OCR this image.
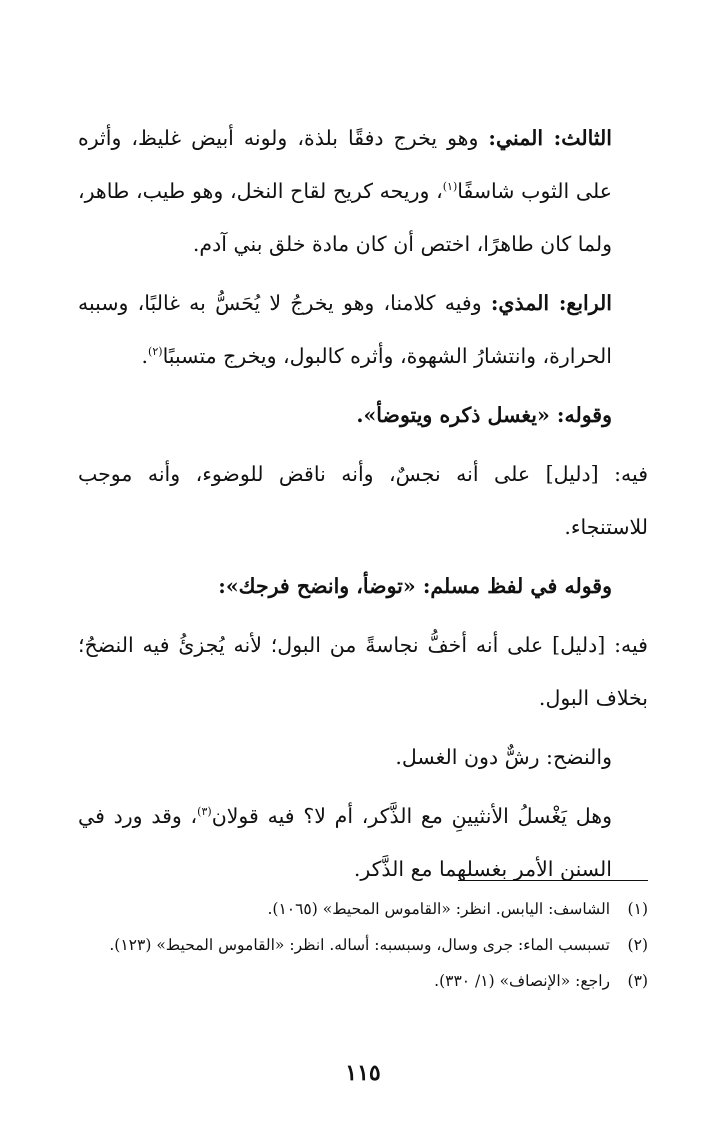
الثالث: المني: وهو يخرج دفقًا بلذة، ولونه أبيض غليظ، وأثره على الثوب شاسفًا$^{(١)}$، وريحه كريح لقاح النخل، وهو طيب، طاهر، ولما كان طاهرًا، اختص أن كان مادة خلق بني آدم.

الرابع: المذي: وفيه كلامنا، وهو يخرجُ لا يُحَسُّ به غالبًا، وسببه الحرارة، وانتشارُ الشهوة، وأثره كالبول، ويخرج متسببًا$^{(٢)}$.

وقوله: «يغسل ذكره ويتوضأ».

فيه: [دليل] على أنه نجسٌ، وأنه ناقض للوضوء، وأنه موجب للاستنجاء.

وقوله في لفظ مسلم: «توضأ، وانضح فرجك»:

فيه: [دليل] على أنه أخفُّ نجاسةً من البول؛ لأنه يُجزئُ فيه النضحُ؛ بخلاف البول.

والنضح: رشٌّ دون الغسل.

وهل يَغْسلُ الأنثيينِ مع الذَّكر، أم لا؟ فيه قولان$^{(٣)}$، وقد ورد في السنن الأمر بغسلهما مع الذَّكر.

(١)
الشاسف: اليابس. انظر: «القاموس المحيط» (١٠٦٥).
(٢)
تسبسب الماء: جرى وسال، وسبسبه: أساله. انظر: «القاموس المحيط» (١٢٣).
(٣)
راجع: «الإنصاف» (١/ ٣٣٠).
١١٥
